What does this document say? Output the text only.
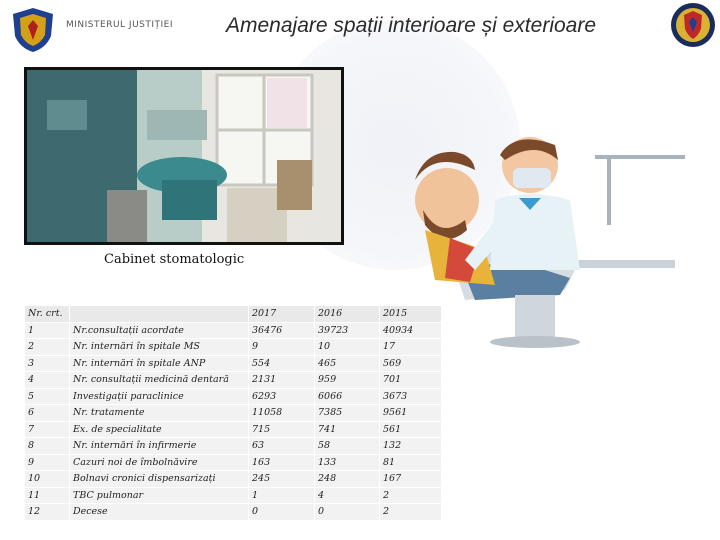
MINISTERUL JUSTIȚIEI	Amenajare spații interioare și exterioare
Cabinet stomatologic
Nr. crt.		2017	2016	2015
1	Nr.consultații acordate	36476	39723	40934
2	Nr. internări în spitale MS	9	10	17
3	Nr. internări în spitale ANP	554	465	569
4	Nr. consultații medicină dentară	2131	959	701
5	Investigații paraclinice	6293	6066	3673
6	Nr. tratamente	11058	7385	9561
7	Ex. de specialitate	715	741	561
8	Nr. internări în infirmerie	63	58	132
9	Cazuri noi de îmbolnăvire	163	133	81
10	Bolnavi cronici dispensarizați	245	248	167
11	TBC pulmonar	1	4	2
12	Decese	0	0	2
